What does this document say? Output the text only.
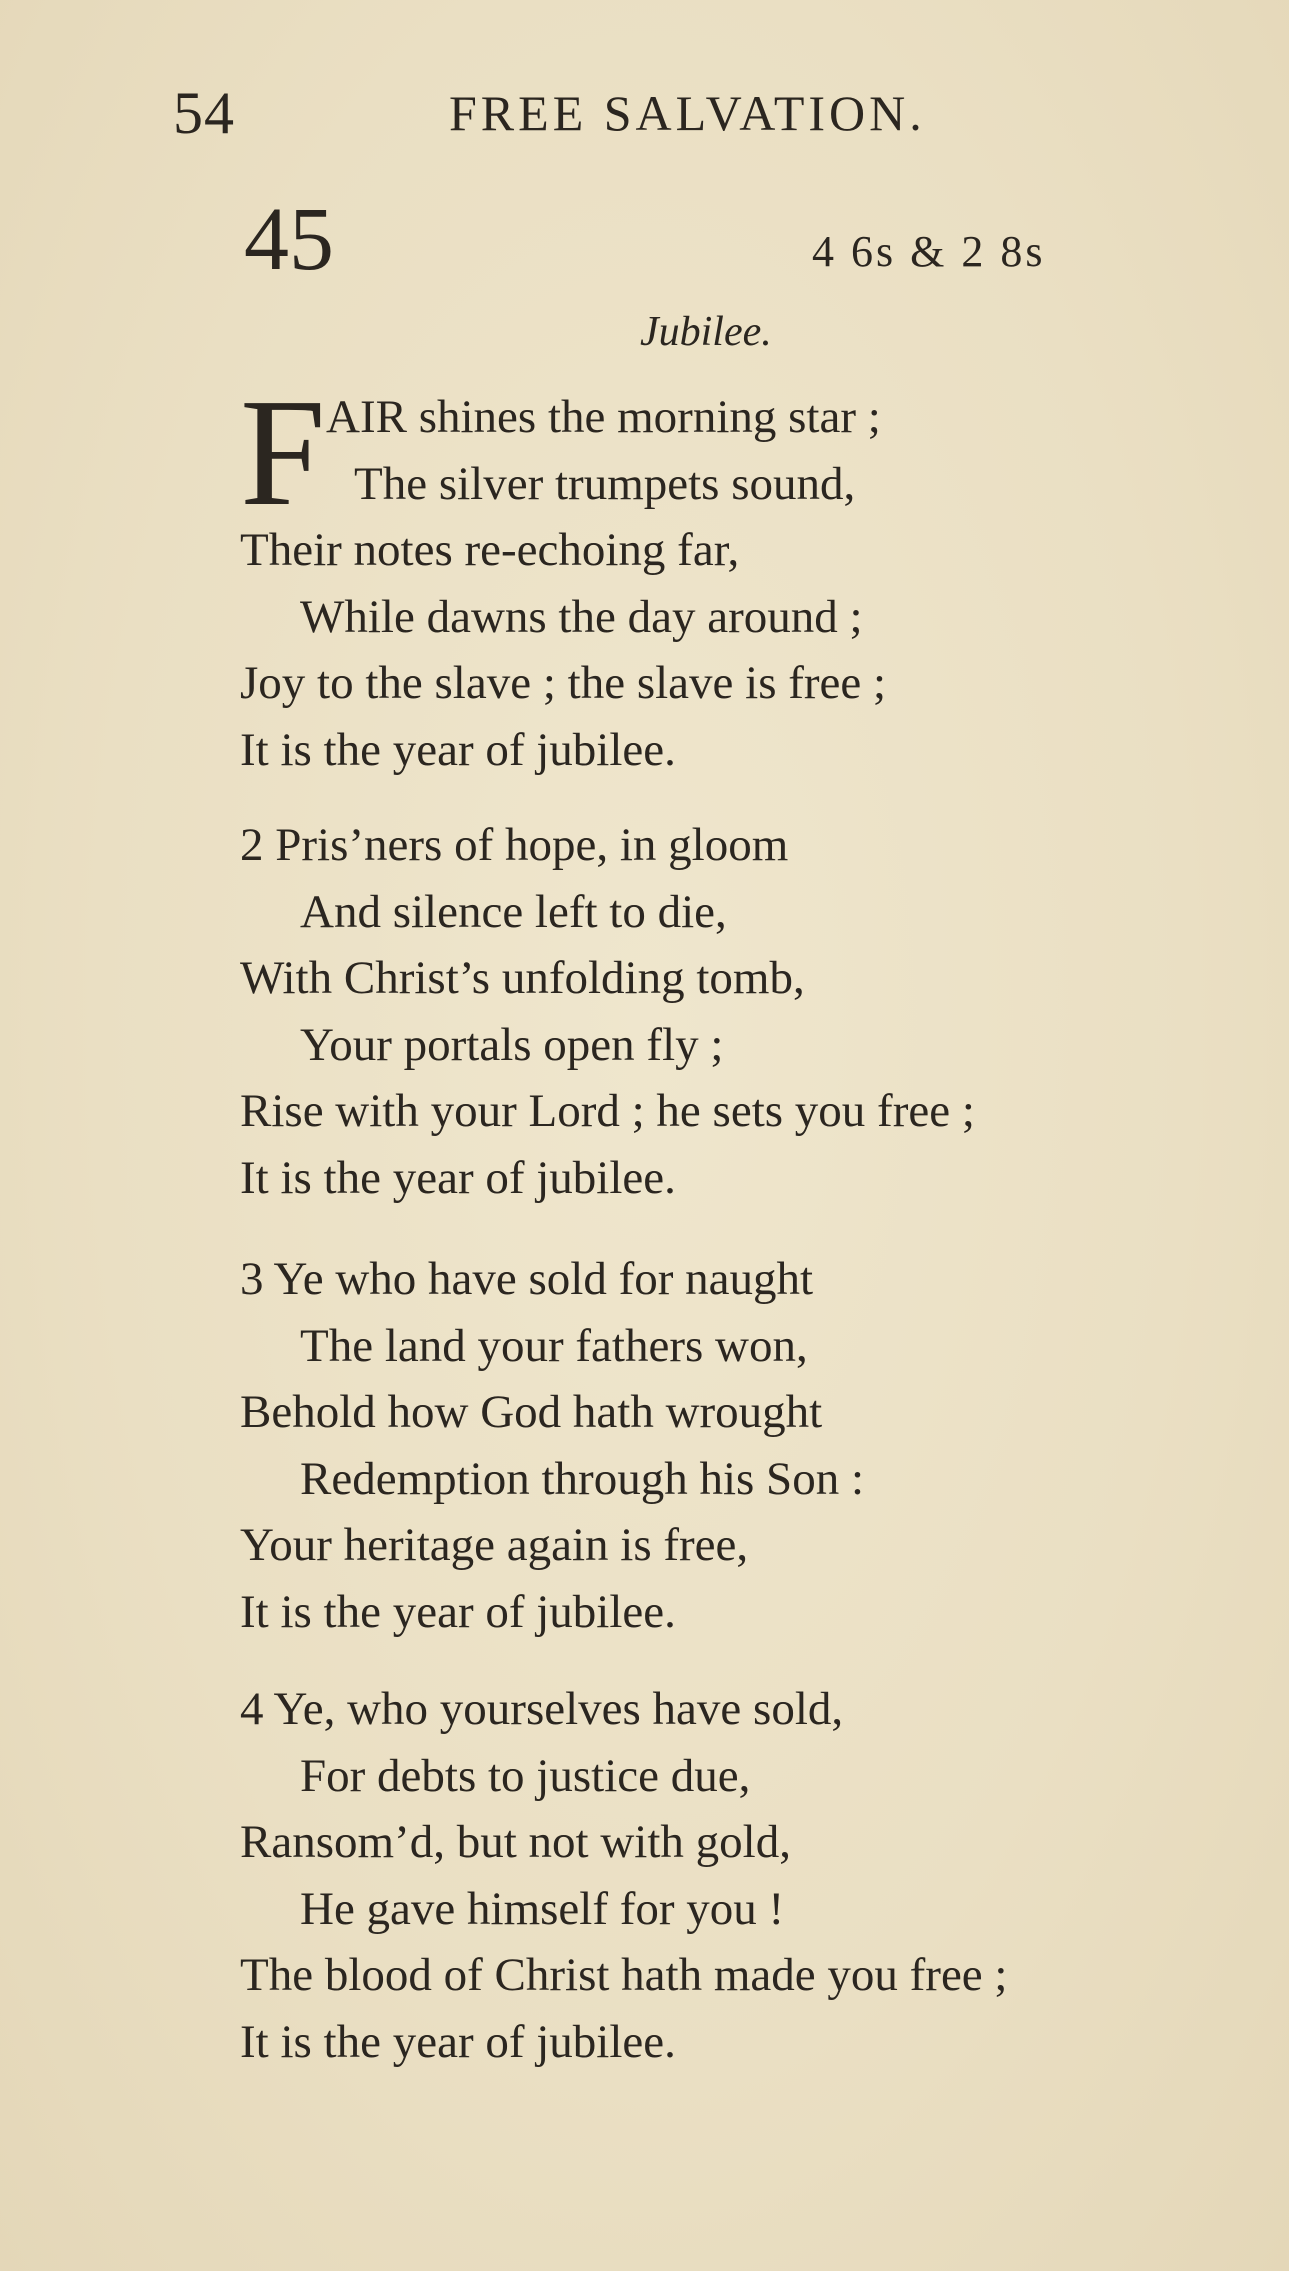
54	FREE SALVATION.
45	4 6s & 2 8s
Jubilee.
F AIR shines the morning star ;
The silver trumpets sound,
Their notes re-echoing far,
While dawns the day around ;
Joy to the slave ; the slave is free ;
It is the year of jubilee.
2 Pris’ners of hope, in gloom
And silence left to die,
With Christ’s unfolding tomb,
Your portals open fly ;
Rise with your Lord ; he sets you free ;
It is the year of jubilee.
3 Ye who have sold for naught
The land your fathers won,
Behold how God hath wrought
Redemption through his Son :
Your heritage again is free,
It is the year of jubilee.
4 Ye, who yourselves have sold,
For debts to justice due,
Ransom’d, but not with gold,
He gave himself for you !
The blood of Christ hath made you free ;
It is the year of jubilee.
